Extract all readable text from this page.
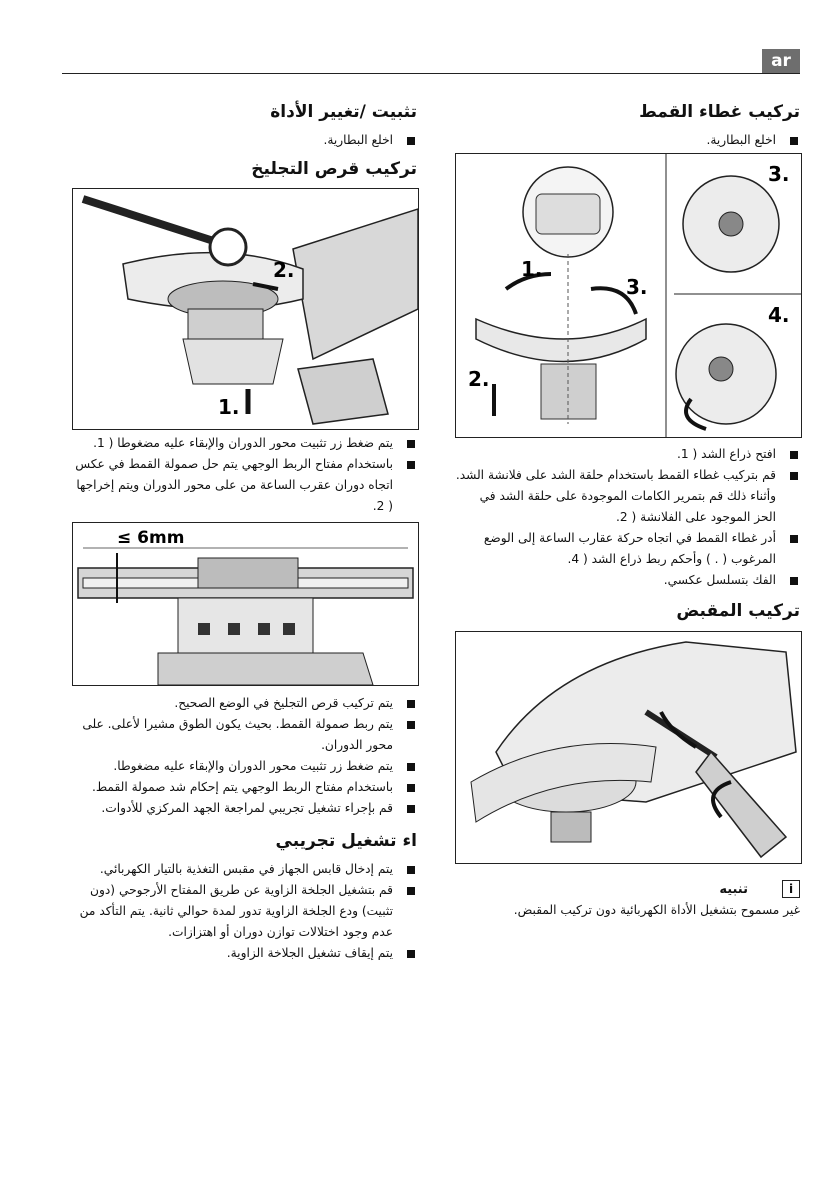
ar
تركيب غطاء القمط
اخلع البطارية.
1.
3.
2.
3.
4.
افتح ذراع الشد ( 1.
قم بتركيب غطاء القمط باستخدام حلقة الشد على فلانشة الشد. وأثناء ذلك قم بتمرير الكامات الموجودة على حلقة الشد في الحز الموجود على الفلانشة ( 2.
أدر غطاء القمط في اتجاه حركة عقارب الساعة إلى الوضع المرغوب ( . ) وأحكم ربط ذراع الشد ( 4.
الفك بتسلسل عكسي.
تركيب المقبض
i
تنبيه
غير مسموح بتشغيل الأداة الكهربائية دون تركيب المقبض.
تثبيت /تغيير الأداة
اخلع البطارية.
تركيب قرص التجليخ
2.
1.
يتم ضغط زر تثبيت محور الدوران والإبقاء عليه مضغوطا ( 1.
باستخدام مفتاح الربط الوجهي يتم حل صمولة القمط في عكس اتجاه دوران عقرب الساعة من على محور الدوران ويتم إخراجها ( 2.
≤ 6mm
يتم تركيب قرص التجليخ في الوضع الصحيح.
يتم ربط صمولة القمط. بحيث يكون الطوق مشيرا لأعلى. على محور الدوران.
يتم ضغط زر تثبيت محور الدوران والإبقاء عليه مضغوطا.
باستخدام مفتاح الربط الوجهي يتم إحكام شد صمولة القمط.
قم بإجراء تشغيل تجريبي لمراجعة الجهد المركزي للأدوات.
اء تشغيل تجريبي
يتم إدخال قابس الجهاز في مقبس التغذية بالتيار الكهربائي.
قم بتشغيل الجلخة الزاوية عن طريق المفتاح الأرجوحي (دون تثبيت) ودع الجلخة الزاوية تدور لمدة حوالي ثانية. يتم التأكد من عدم وجود اختلالات توازن دوران أو اهتزازات.
يتم إيقاف تشغيل الجلاخة الزاوية.
